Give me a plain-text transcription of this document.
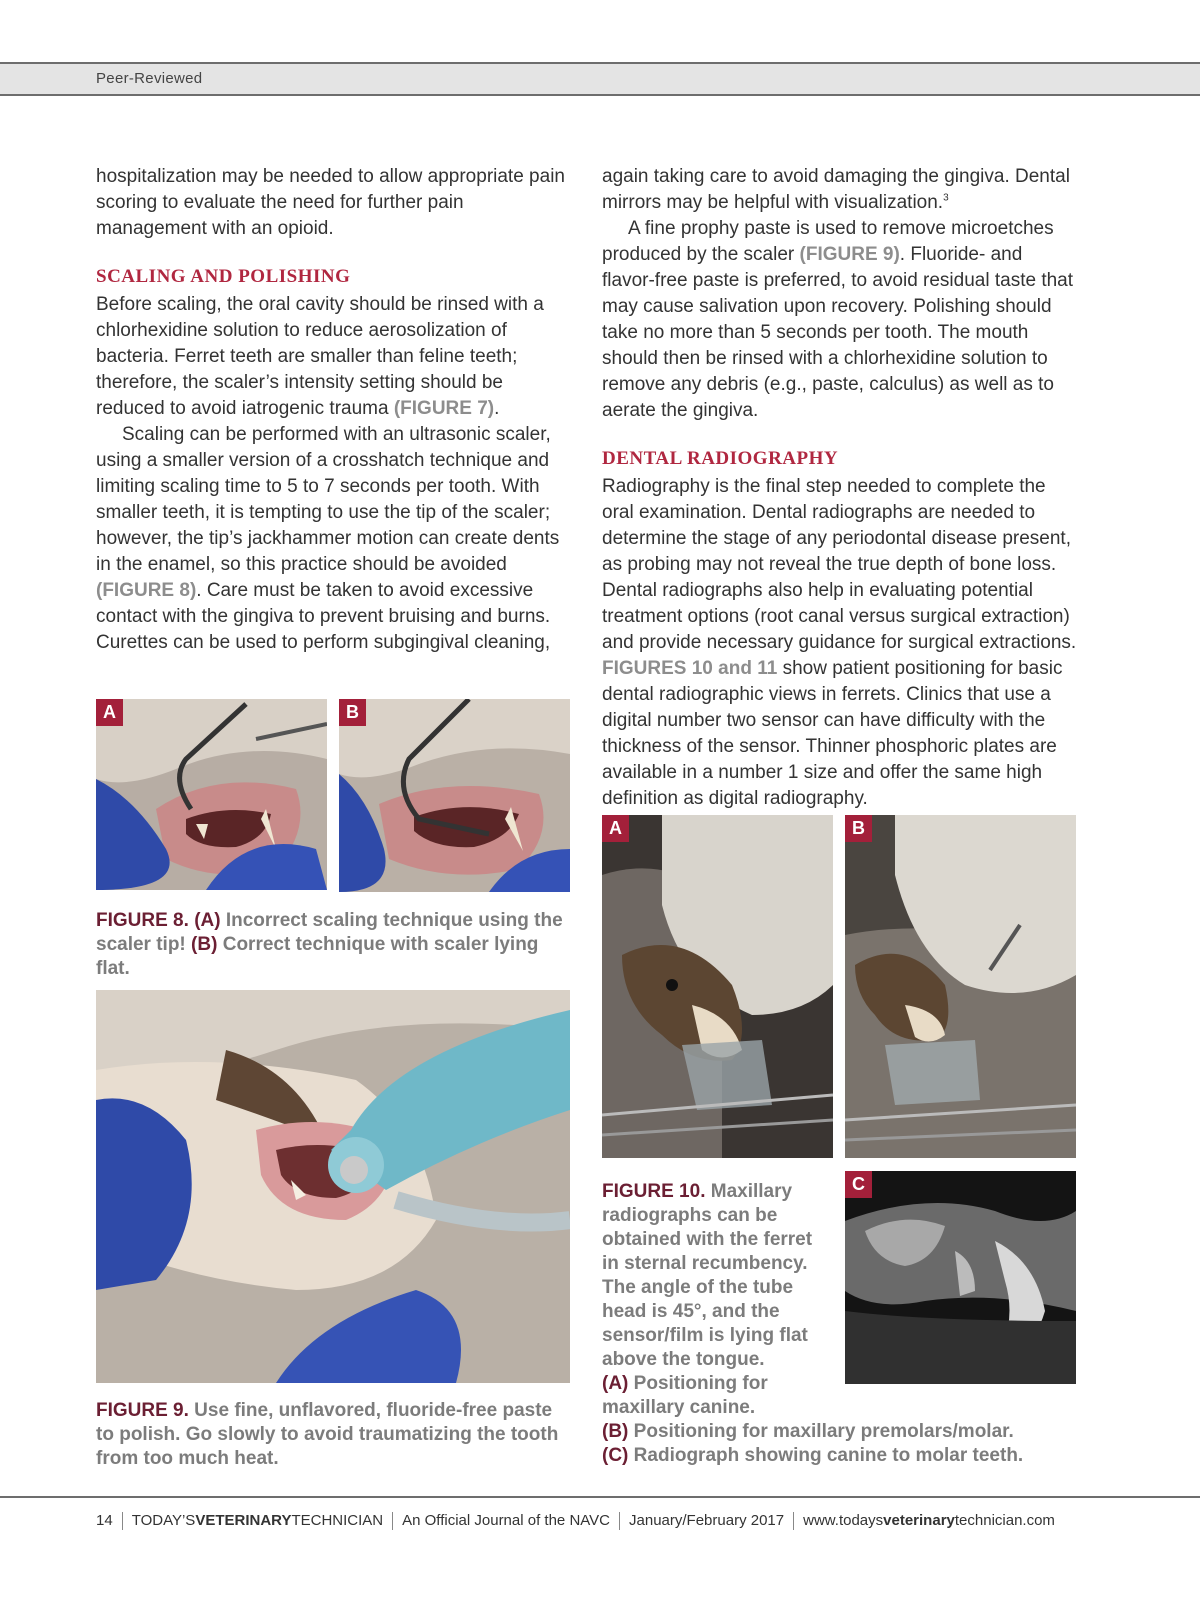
Peer-Reviewed

hospitalization may be needed to allow appropriate pain scoring to evaluate the need for further pain management with an opioid.

SCALING AND POLISHING

Before scaling, the oral cavity should be rinsed with a chlorhexidine solution to reduce aerosolization of bacteria. Ferret teeth are smaller than feline teeth; therefore, the scaler’s intensity setting should be reduced to avoid iatrogenic trauma (FIGURE 7).

Scaling can be performed with an ultrasonic scaler, using a smaller version of a crosshatch technique and limiting scaling time to 5 to 7 seconds per tooth. With smaller teeth, it is tempting to use the tip of the scaler; however, the tip’s jackhammer motion can create dents in the enamel, so this practice should be avoided (FIGURE 8). Care must be taken to avoid excessive contact with the gingiva to prevent bruising and burns. Curettes can be used to perform subgingival cleaning,

again taking care to avoid damaging the gingiva. Dental mirrors may be helpful with visualization.$^3$

A fine prophy paste is used to remove microetches produced by the scaler (FIGURE 9). Fluoride- and flavor-free paste is preferred, to avoid residual taste that may cause salivation upon recovery. Polishing should take no more than 5 seconds per tooth. The mouth should then be rinsed with a chlorhexidine solution to remove any debris (e.g., paste, calculus) as well as to aerate the gingiva.

DENTAL RADIOGRAPHY

Radiography is the final step needed to complete the oral examination. Dental radiographs are needed to determine the stage of any periodontal disease present, as probing may not reveal the true depth of bone loss. Dental radiographs also help in evaluating potential treatment options (root canal versus surgical extraction) and provide necessary guidance for surgical extractions. FIGURES 10 and 11 show patient positioning for basic dental radiographic views in ferrets. Clinics that use a digital number two sensor can have difficulty with the thickness of the sensor. Thinner phosphoric plates are available in a number 1 size and offer the same high definition as digital radiography.

A	B
FIGURE 8. (A) Incorrect scaling technique using the scaler tip! (B) Correct technique with scaler lying flat.
FIGURE 9. Use fine, unflavored, fluoride-free paste to polish. Go slowly to avoid traumatizing the tooth from too much heat.
A	B
C
FIGURE 10. Maxillary radiographs can be obtained with the ferret in sternal recumbency. The angle of the tube head is 45°, and the sensor/film is lying flat above the tongue.
(A) Positioning for maxillary canine.
(B) Positioning for maxillary premolars/molar.
(C) Radiograph showing canine to molar teeth.
14 TODAY’SVETERINARYTECHNICIAN An Official Journal of the NAVC January/February 2017 www.todaysveterinarytechnician.com
